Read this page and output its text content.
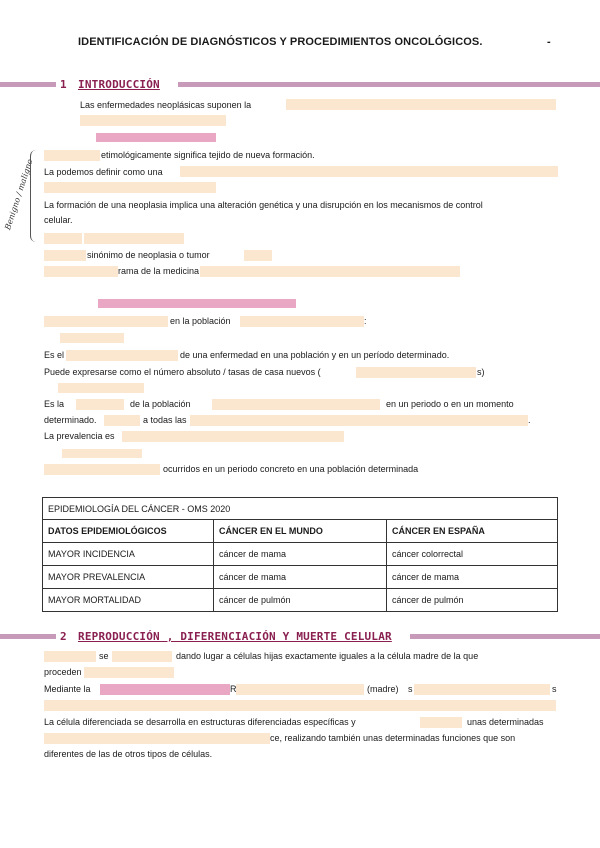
IDENTIFICACIÓN DE DIAGNÓSTICOS Y PROCEDIMIENTOS ONCOLÓGICOS.	-
1 INTRODUCCIÓN
Las enfermedades neoplásicas suponen la
Benigno / maligno
etimológicamente significa tejido de nueva formación.
La podemos definir como una
La formación de una neoplasia implica una alteración genética y una disrupción en los mecanismos de control
celular.
sinónimo de neoplasia o tumor
rama de la medicina
en la población	:
Es el	de una enfermedad en una población y en un período determinado.
Puede expresarse como el número absoluto / tasas de casa nuevos (	s)
Es la	de la población	en un periodo o en un momento
determinado.	a todas las	.
La prevalencia es
ocurridos en un periodo concreto en una población determinada
EPIDEMIOLOGÍA DEL CÁNCER - OMS 2020		
DATOS EPIDEMIOLÓGICOS	CÁNCER EN EL MUNDO	CÁNCER EN ESPAÑA
MAYOR INCIDENCIA	cáncer de mama	cáncer colorrectal
MAYOR PREVALENCIA	cáncer de mama	cáncer de mama
MAYOR MORTALIDAD	cáncer de pulmón	cáncer de pulmón
2 REPRODUCCIÓN , DIFERENCIACIÓN Y MUERTE CELULAR
se	dando lugar a células hijas exactamente iguales a la célula madre de la que
proceden
Mediante la	R	(madre) s	s
La célula diferenciada se desarrolla en estructuras diferenciadas específicas y	unas determinadas
ce, realizando también unas determinadas funciones que son
diferentes de las de otros tipos de células.
